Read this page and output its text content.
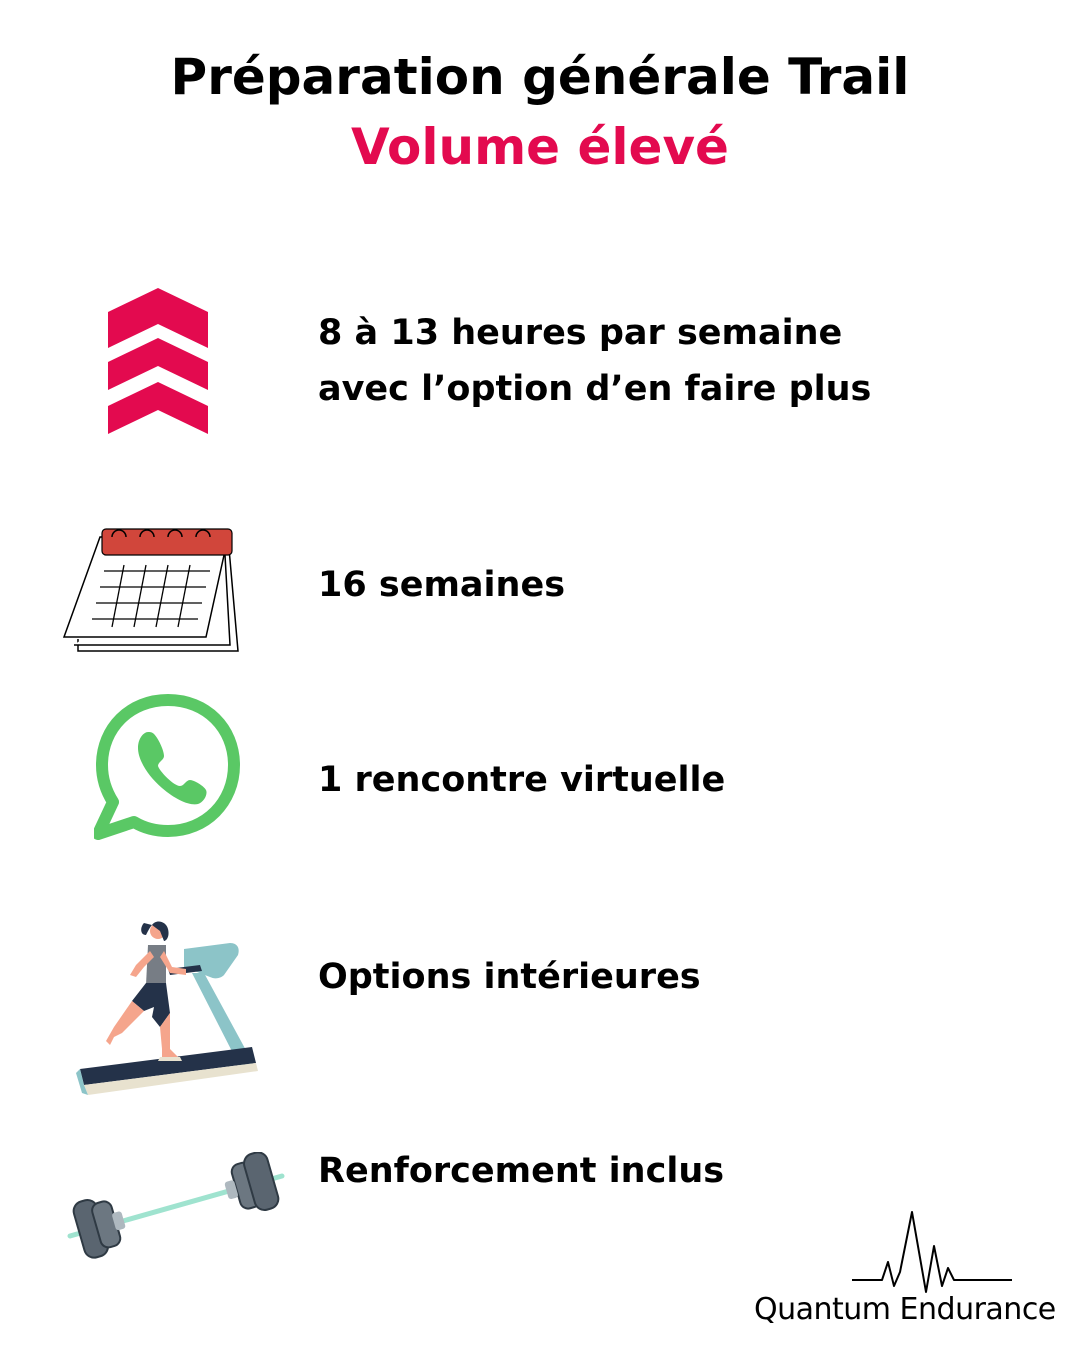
Préparation générale Trail
Volume élevé
8 à 13 heures par semaine
avec l’option d’en faire plus
16 semaines
1 rencontre virtuelle
Options intérieures
Renforcement inclus
Quantum Endurance
